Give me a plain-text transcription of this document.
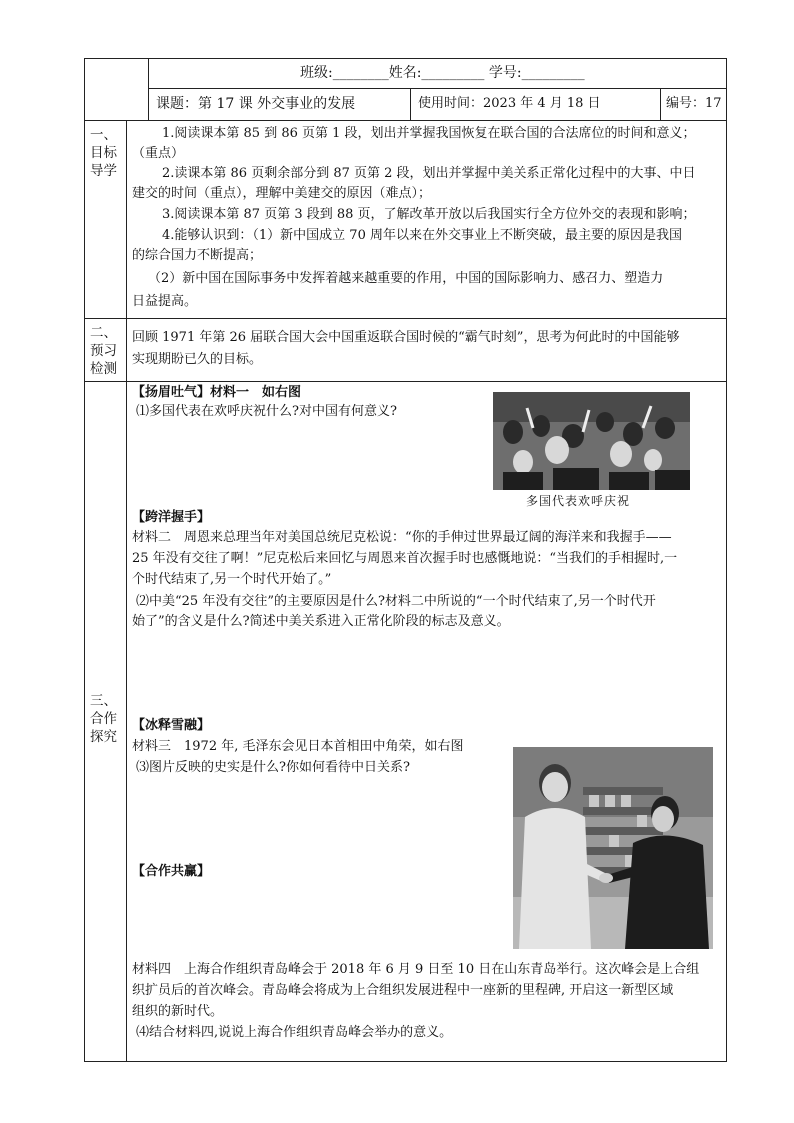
班级:________姓名:_________ 学号:_________
课题：第 17 课 外交事业的发展	使用时间：2023 年 4 月 18 日	编号：17
一、
目标
导学
二、
预习
检测
三、
合作
探究
1.阅读课本第 85 到 86 页第 1 段，划出并掌握我国恢复在联合国的合法席位的时间和意义；
（重点）
2.读课本第 86 页剩余部分到 87 页第 2 段，划出并掌握中美关系正常化过程中的大事、中日
建交的时间（重点），理解中美建交的原因（难点）；
3.阅读课本第 87 页第 3 段到 88 页，了解改革开放以后我国实行全方位外交的表现和影响；
4.能够认识到：（1）新中国成立 70 周年以来在外交事业上不断突破，最主要的原因是我国
的综合国力不断提高；
（2）新中国在国际事务中发挥着越来越重要的作用，中国的国际影响力、感召力、塑造力
日益提高。
回顾 1971 年第 26 届联合国大会中国重返联合国时候的“霸气时刻”，思考为何此时的中国能够
实现期盼已久的目标。
【扬眉吐气】材料一　如右图
⑴多国代表在欢呼庆祝什么?对中国有何意义?
多国代表欢呼庆祝
【跨洋握手】
材料二　周恩来总理当年对美国总统尼克松说：“你的手伸过世界最辽阔的海洋来和我握手——
25 年没有交往了啊！”尼克松后来回忆与周恩来首次握手时也感慨地说：“当我们的手相握时,一
个时代结束了,另一个时代开始了。”
⑵中美“25 年没有交往”的主要原因是什么?材料二中所说的“一个时代结束了,另一个时代开
始了”的含义是什么?简述中美关系进入正常化阶段的标志及意义。
【冰释雪融】
材料三　1972 年, 毛泽东会见日本首相田中角荣，如右图
⑶图片反映的史实是什么?你如何看待中日关系?
【合作共赢】
材料四　上海合作组织青岛峰会于 2018 年 6 月 9 日至 10 日在山东青岛举行。这次峰会是上合组
织扩员后的首次峰会。青岛峰会将成为上合组织发展进程中一座新的里程碑, 开启这一新型区域
组织的新时代。
⑷结合材料四,说说上海合作组织青岛峰会举办的意义。
